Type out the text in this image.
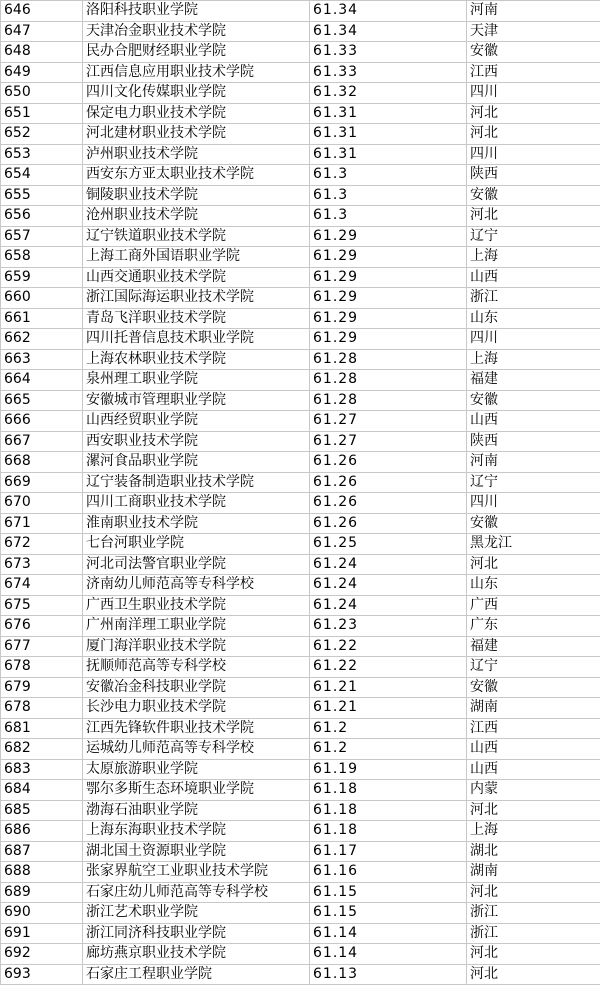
646	洛阳科技职业学院	61.34	河南
647	天津冶金职业技术学院	61.34	天津
648	民办合肥财经职业学院	61.33	安徽
649	江西信息应用职业技术学院	61.33	江西
650	四川文化传媒职业学院	61.32	四川
651	保定电力职业技术学院	61.31	河北
652	河北建材职业技术学院	61.31	河北
653	泸州职业技术学院	61.31	四川
654	西安东方亚太职业技术学院	61.3	陕西
655	铜陵职业技术学院	61.3	安徽
656	沧州职业技术学院	61.3	河北
657	辽宁铁道职业技术学院	61.29	辽宁
658	上海工商外国语职业学院	61.29	上海
659	山西交通职业技术学院	61.29	山西
660	浙江国际海运职业技术学院	61.29	浙江
661	青岛飞洋职业技术学院	61.29	山东
662	四川托普信息技术职业学院	61.29	四川
663	上海农林职业技术学院	61.28	上海
664	泉州理工职业学院	61.28	福建
665	安徽城市管理职业学院	61.28	安徽
666	山西经贸职业学院	61.27	山西
667	西安职业技术学院	61.27	陕西
668	漯河食品职业学院	61.26	河南
669	辽宁装备制造职业技术学院	61.26	辽宁
670	四川工商职业技术学院	61.26	四川
671	淮南职业技术学院	61.26	安徽
672	七台河职业学院	61.25	黑龙江
673	河北司法警官职业学院	61.24	河北
674	济南幼儿师范高等专科学校	61.24	山东
675	广西卫生职业技术学院	61.24	广西
676	广州南洋理工职业学院	61.23	广东
677	厦门海洋职业技术学院	61.22	福建
678	抚顺师范高等专科学校	61.22	辽宁
679	安徽冶金科技职业学院	61.21	安徽
678	长沙电力职业技术学院	61.21	湖南
681	江西先锋软件职业技术学院	61.2	江西
682	运城幼儿师范高等专科学校	61.2	山西
683	太原旅游职业学院	61.19	山西
684	鄂尔多斯生态环境职业学院	61.18	内蒙
685	渤海石油职业学院	61.18	河北
686	上海东海职业技术学院	61.18	上海
687	湖北国土资源职业学院	61.17	湖北
688	张家界航空工业职业技术学院	61.16	湖南
689	石家庄幼儿师范高等专科学校	61.15	河北
690	浙江艺术职业学院	61.15	浙江
691	浙江同济科技职业学院	61.14	浙江
692	廊坊燕京职业技术学院	61.14	河北
693	石家庄工程职业学院	61.13	河北
